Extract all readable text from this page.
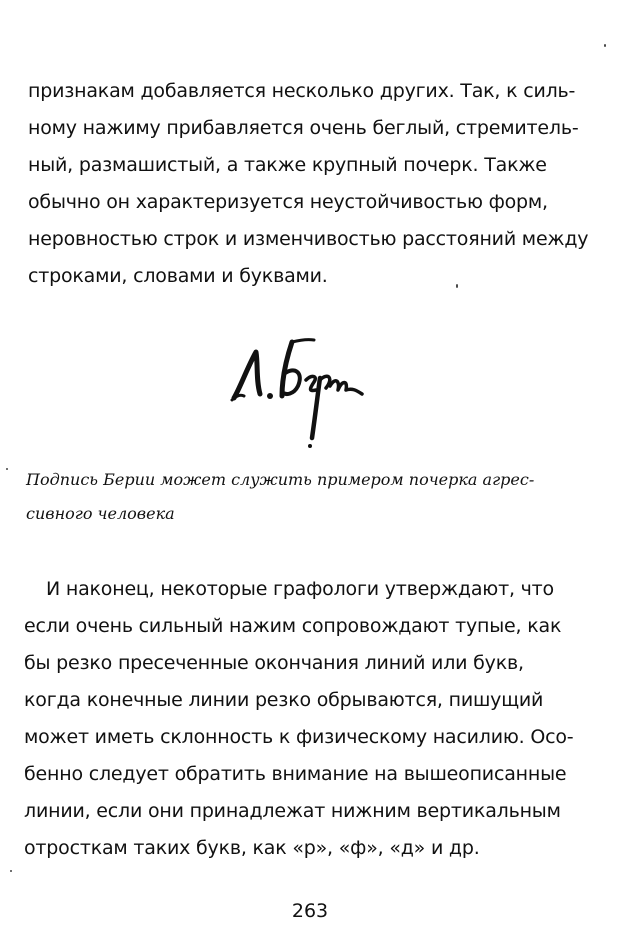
признакам добавляется несколько других. Так, к силь-
ному нажиму прибавляется очень беглый, стремитель-
ный, размашистый, а также крупный почерк. Также
обычно он характеризуется неустойчивостью форм,
неровностью строк и изменчивостью расстояний между
строками, словами и буквами.
Подпись Берии может служить примером почерка агрес-
сивного человека
И наконец, некоторые графологи утверждают, что
если очень сильный нажим сопровождают тупые, как
бы резко пресеченные окончания линий или букв,
когда конечные линии резко обрываются, пишущий
может иметь склонность к физическому насилию. Осо-
бенно следует обратить внимание на вышеописанные
линии, если они принадлежат нижним вертикальным
отросткам таких букв, как «р», «ф», «д» и др.
263
